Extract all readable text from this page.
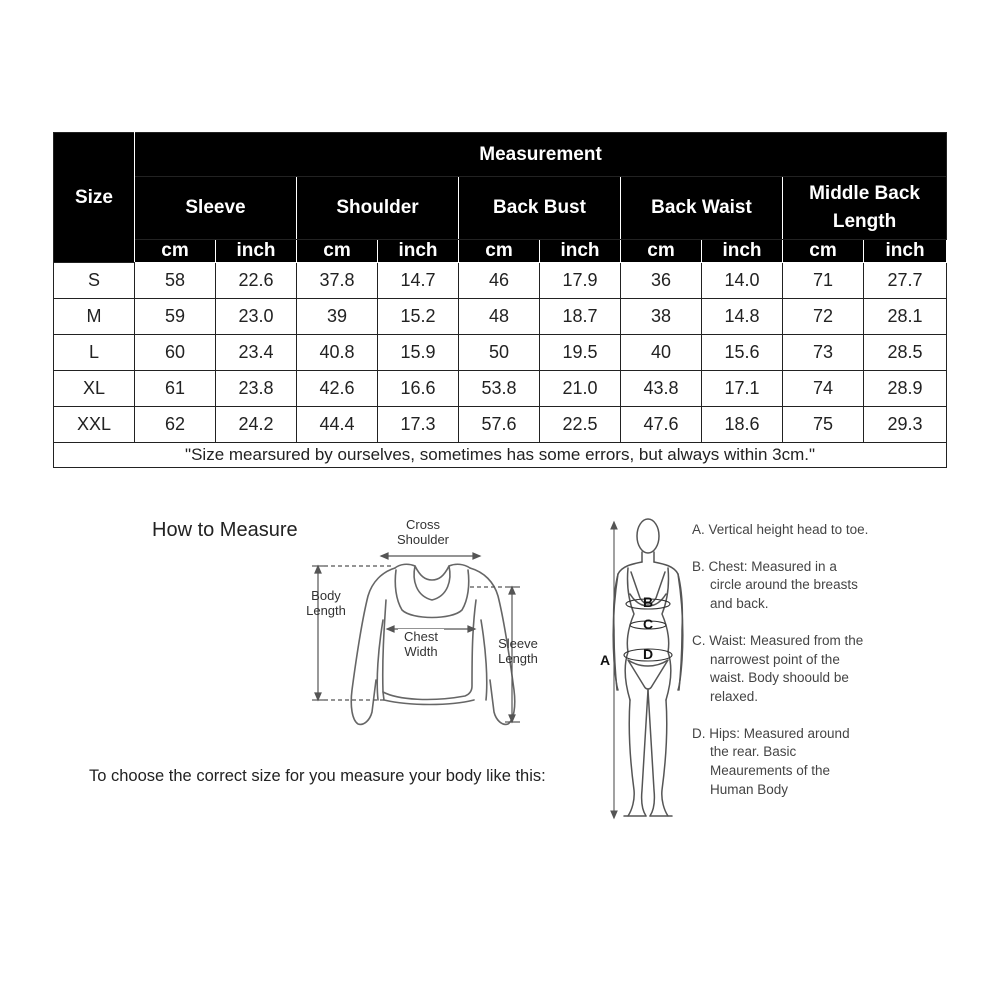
Size	Measurement									
	Sleeve		Shoulder		Back Bust		Back Waist		Middle Back Length	
	cm	inch	cm	inch	cm	inch	cm	inch	cm	inch
S	58	22.6	37.8	14.7	46	17.9	36	14.0	71	27.7
M	59	23.0	39	15.2	48	18.7	38	14.8	72	28.1
L	60	23.4	40.8	15.9	50	19.5	40	15.6	73	28.5
XL	61	23.8	42.6	16.6	53.8	21.0	43.8	17.1	74	28.9
XXL	62	24.2	44.4	17.3	57.6	22.5	47.6	18.6	75	29.3
"Size mearsured by ourselves, sometimes has some errors, but always within 3cm."										
How to Measure	Cross Shoulder
Body Length
Chest Width
Sleeve Length
To choose the correct size for you measure your body like this:
A
B
C
D
A. Vertical height head to toe.
B. Chest: Measured in a circle around the breasts and back.
C. Waist: Measured from the narrowest point of the waist. Body shoould be relaxed.
D. Hips: Measured around the rear. Basic Meaurements of the Human Body
